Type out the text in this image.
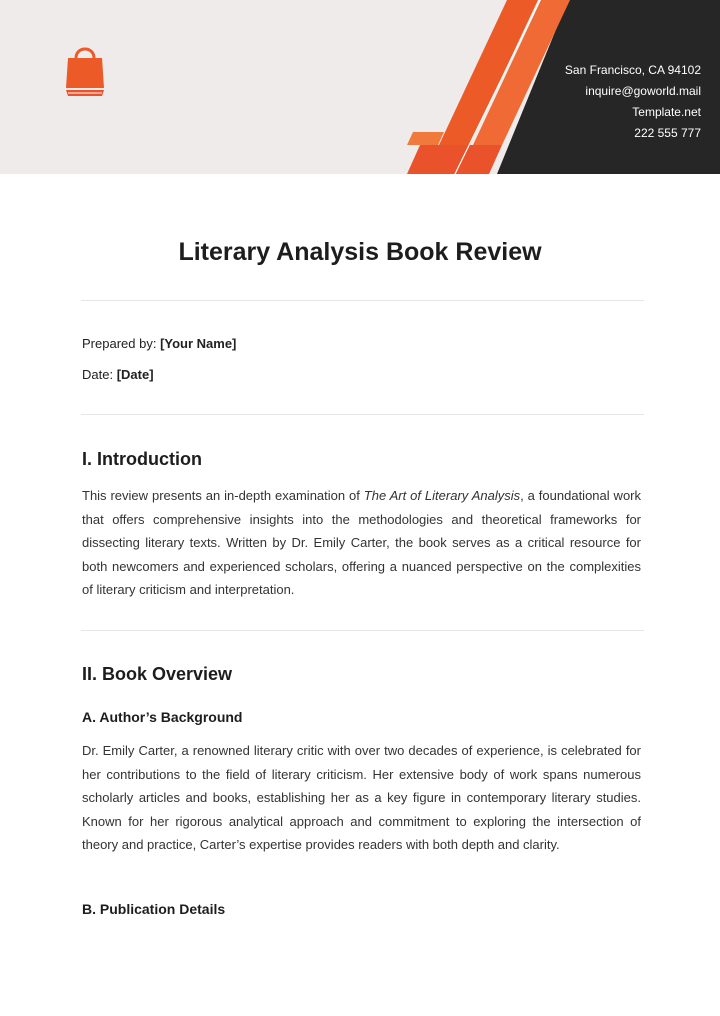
San Francisco, CA 94102
inquire@goworld.mail
Template.net
222 555 777
Literary Analysis Book Review
Prepared by: [Your Name]
Date: [Date]
I. Introduction

This review presents an in-depth examination of The Art of Literary Analysis, a foundational work that offers comprehensive insights into the methodologies and theoretical frameworks for dissecting literary texts. Written by Dr. Emily Carter, the book serves as a critical resource for both newcomers and experienced scholars, offering a nuanced perspective on the complexities of literary criticism and interpretation.

II. Book Overview
A. Author’s Background

Dr. Emily Carter, a renowned literary critic with over two decades of experience, is celebrated for her contributions to the field of literary criticism. Her extensive body of work spans numerous scholarly articles and books, establishing her as a key figure in contemporary literary studies. Known for her rigorous analytical approach and commitment to exploring the intersection of theory and practice, Carter’s expertise provides readers with both depth and clarity.

B. Publication Details
